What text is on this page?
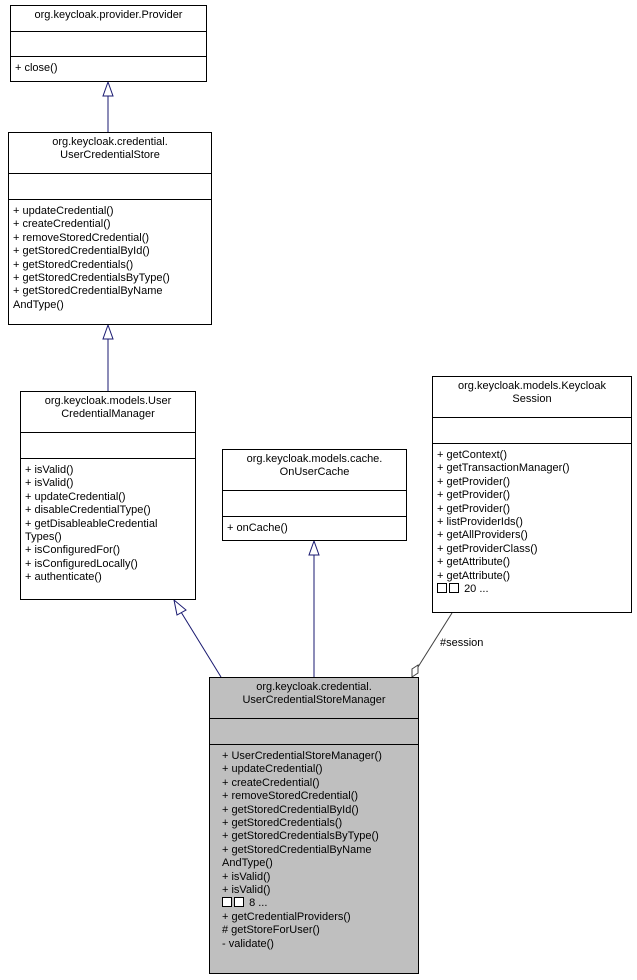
#session
org.keycloak.provider.Provider
+ close()
org.keycloak.credential.
UserCredentialStore
+ updateCredential()
+ createCredential()
+ removeStoredCredential()
+ getStoredCredentialById()
+ getStoredCredentials()
+ getStoredCredentialsByType()
+ getStoredCredentialByName
AndType()
org.keycloak.models.User
CredentialManager
+ isValid()
+ isValid()
+ updateCredential()
+ disableCredentialType()
+ getDisableableCredential
Types()
+ isConfiguredFor()
+ isConfiguredLocally()
+ authenticate()
org.keycloak.models.cache.
OnUserCache
+ onCache()
org.keycloak.models.Keycloak
Session
+ getContext()
+ getTransactionManager()
+ getProvider()
+ getProvider()
+ getProvider()
+ listProviderIds()
+ getAllProviders()
+ getProviderClass()
+ getAttribute()
+ getAttribute()
20 ...
org.keycloak.credential.
UserCredentialStoreManager
+ UserCredentialStoreManager()
+ updateCredential()
+ createCredential()
+ removeStoredCredential()
+ getStoredCredentialById()
+ getStoredCredentials()
+ getStoredCredentialsByType()
+ getStoredCredentialByName
AndType()
+ isValid()
+ isValid()
8 ...
+ getCredentialProviders()
# getStoreForUser()
- validate()
